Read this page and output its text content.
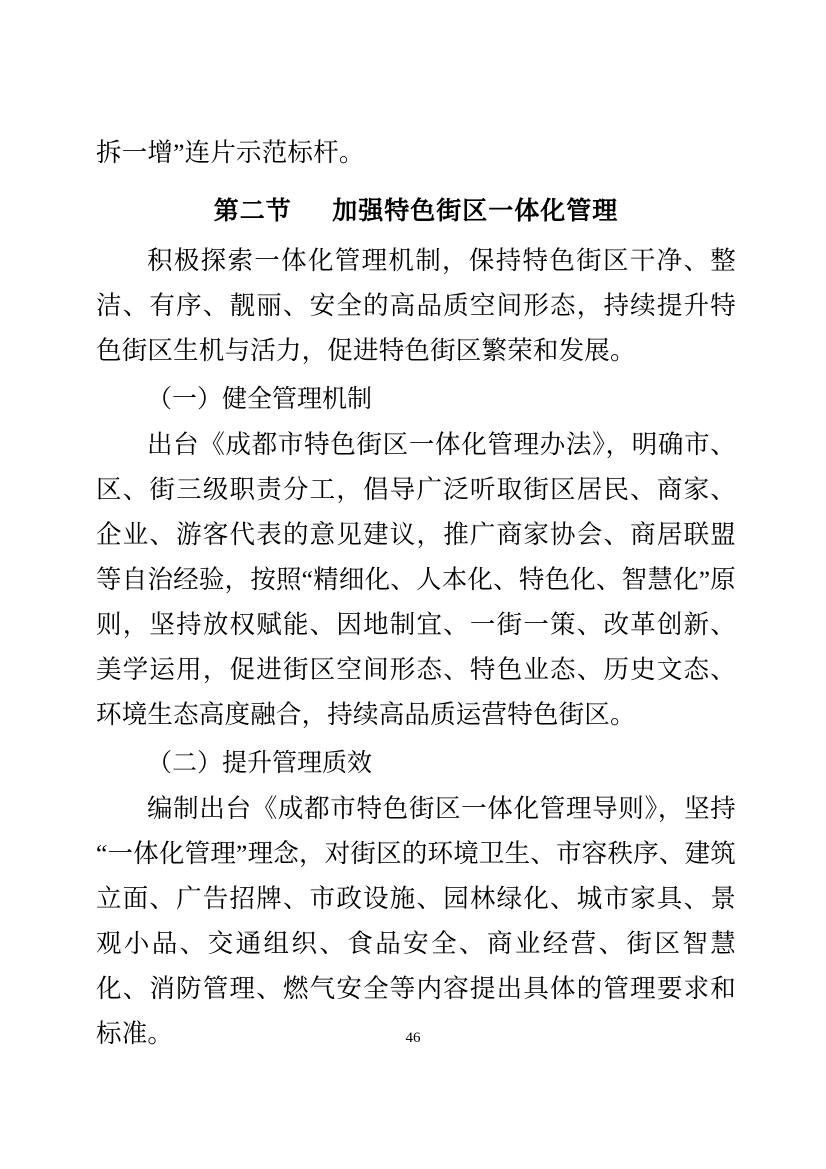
拆一增”连片示范标杆。

第二节 加强特色街区一体化管理

积极探索一体化管理机制，保持特色街区干净、整洁、有序、靓丽、安全的高品质空间形态，持续提升特色街区生机与活力，促进特色街区繁荣和发展。

（一）健全管理机制

出台《成都市特色街区一体化管理办法》，明确市、区、街三级职责分工，倡导广泛听取街区居民、商家、企业、游客代表的意见建议，推广商家协会、商居联盟等自治经验，按照“精细化、人本化、特色化、智慧化”原则，坚持放权赋能、因地制宜、一街一策、改革创新、美学运用，促进街区空间形态、特色业态、历史文态、环境生态高度融合，持续高品质运营特色街区。

（二）提升管理质效

编制出台《成都市特色街区一体化管理导则》，坚持“一体化管理”理念，对街区的环境卫生、市容秩序、建筑立面、广告招牌、市政设施、园林绿化、城市家具、景观小品、交通组织、食品安全、商业经营、街区智慧化、消防管理、燃气安全等内容提出具体的管理要求和标准。	46
